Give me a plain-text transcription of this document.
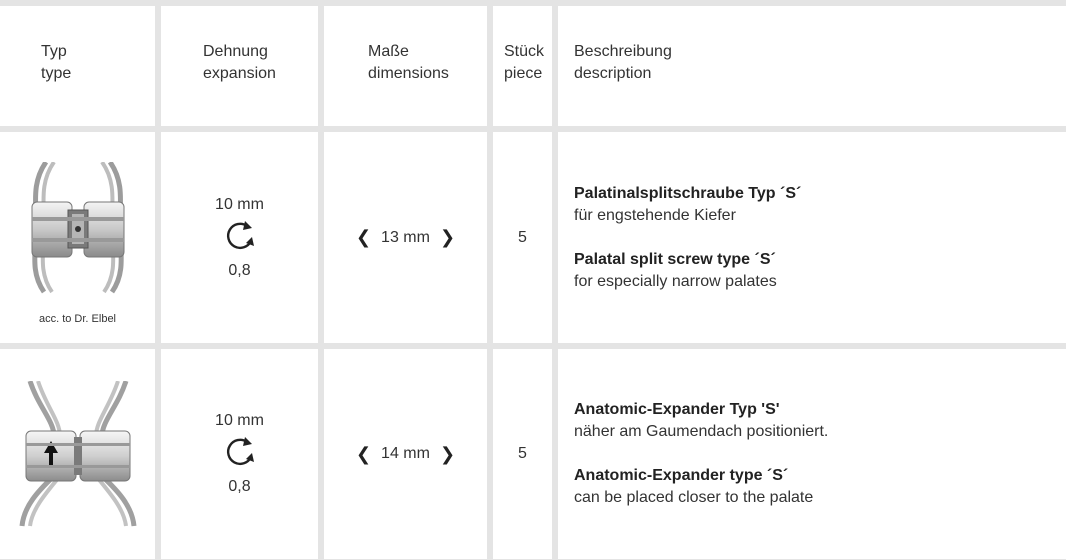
Typ
type
Dehnung
expansion
Maße
dimensions
Stück
piece
Beschreibung
description
acc. to Dr. Elbel
10 mm
0,8
❮ 13 mm ❯	5
Palatinalsplitschraube Typ ´S´
für engstehende Kiefer
Palatal split screw type ´S´
for especially narrow palates
10 mm
0,8
❮ 14 mm ❯	5
Anatomic-Expander Typ 'S'
näher am Gaumendach positioniert.
Anatomic-Expander type ´S´
can be placed closer to the palate
